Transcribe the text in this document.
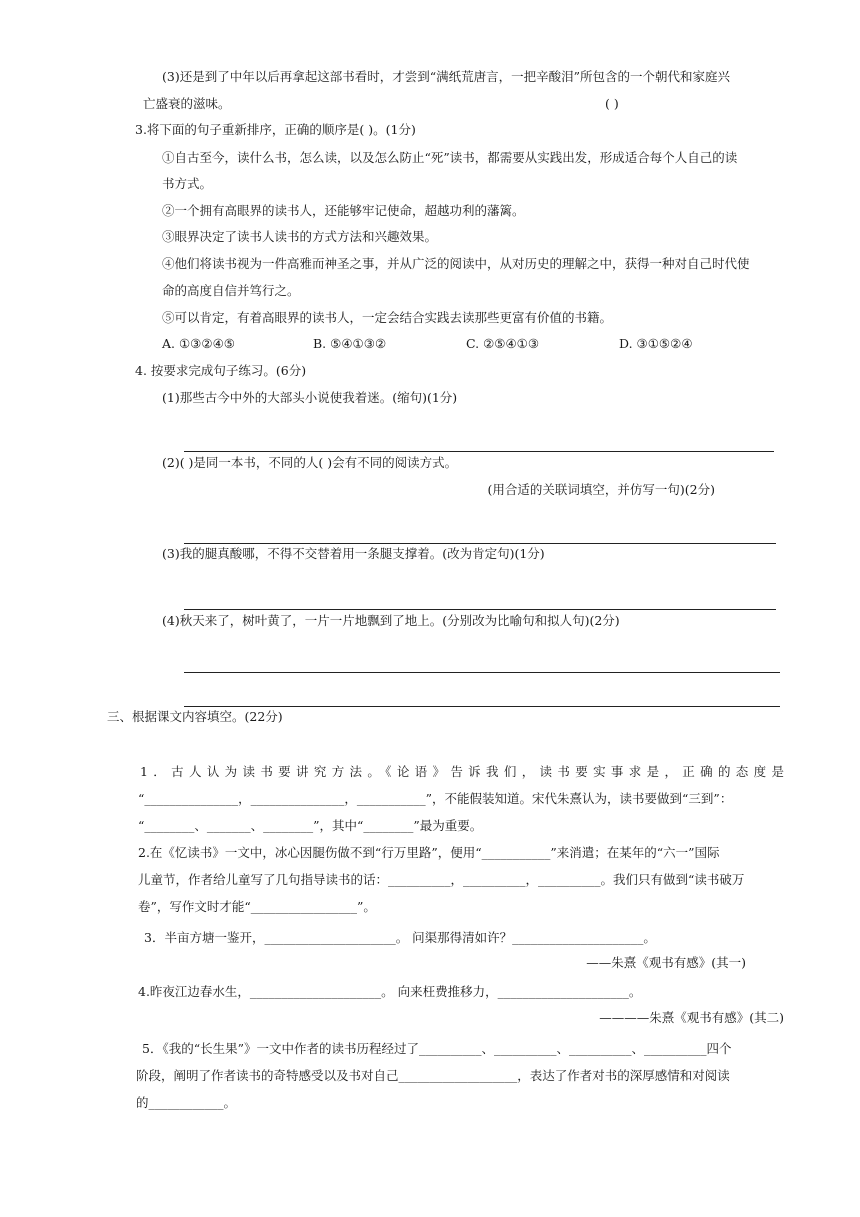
(3)还是到了中年以后再拿起这部书看时，才尝到“满纸荒唐言，一把辛酸泪”所包含的一个朝代和家庭兴
亡盛衰的滋味。	( )
3.将下面的句子重新排序，正确的顺序是( )。(1分)
①自古至今，读什么书，怎么读，以及怎么防止“死”读书，都需要从实践出发，形成适合每个人自己的读
书方式。
②一个拥有高眼界的读书人，还能够牢记使命，超越功利的藩篱。
③眼界决定了读书人读书的方式方法和兴趣效果。
④他们将读书视为一件高雅而神圣之事，并从广泛的阅读中，从对历史的理解之中，获得一种对自己时代使
命的高度自信并笃行之。
⑤可以肯定，有着高眼界的读书人，一定会结合实践去读那些更富有价值的书籍。
A. ①③②④⑤	B. ⑤④①③②	C. ②⑤④①③	D. ③①⑤②④
4. 按要求完成句子练习。(6分)
(1)那些古今中外的大部头小说使我着迷。(缩句)(1分)
(2)( )是同一本书，不同的人( )会有不同的阅读方式。
(用合适的关联词填空，并仿写一句)(2分)
(3)我的腿真酸哪，不得不交替着用一条腿支撑着。(改为肯定句)(1分)
(4)秋天来了，树叶黄了，一片一片地飘到了地上。(分别改为比喻句和拟人句)(2分)
三、根据课文内容填空。(22分)
1．古人认为读书要讲究方法。《论语》告诉我们，读书要实事求是，正确的态度是
“_______________，_______________，___________”，不能假装知道。宋代朱熹认为，读书要做到“三到”：
“________、_______、________”，其中“________”最为重要。
2.在《忆读书》一文中，冰心因腿伤做不到“行万里路”，便用“___________”来消遣；在某年的“六一”国际
儿童节，作者给儿童写了几句指导读书的话：__________，__________，__________。我们只有做到“读书破万
卷”，写作文时才能“_________________”。
3．半亩方塘一鉴开，_____________________。 问渠那得清如许？_____________________。
——朱熹《观书有感》(其一)
4.昨夜江边春水生，_____________________。 向来枉费推移力，_____________________。
————朱熹《观书有感》(其二)
5．《我的“长生果”》一文中作者的读书历程经过了__________、__________、__________、__________四个
阶段，阐明了作者读书的奇特感受以及书对自己___________________，表达了作者对书的深厚感情和对阅读
的____________。
